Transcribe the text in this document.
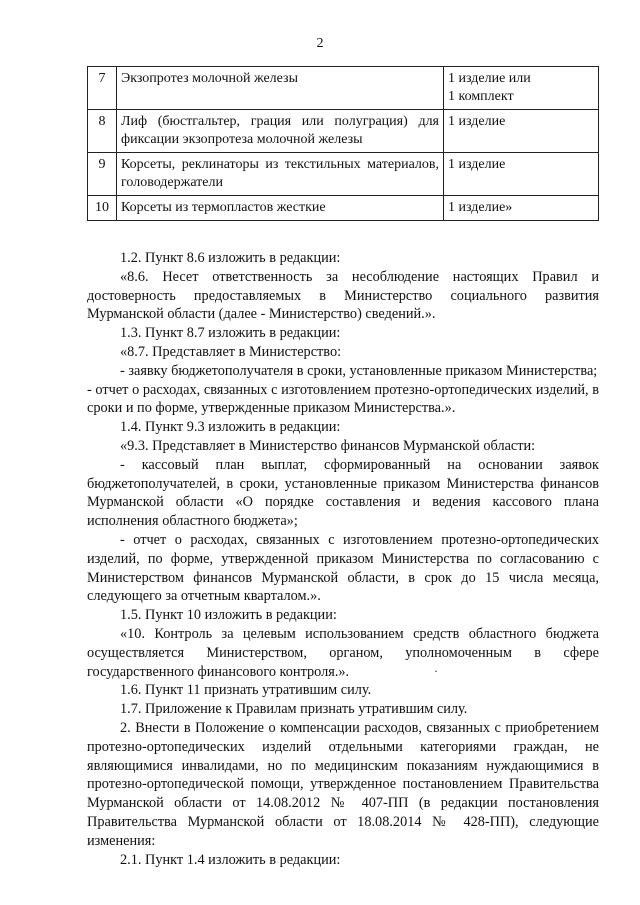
2
7	Экзопротез молочной железы	1 изделие или
1 комплект

8	Лиф (бюстгальтер, грация или полуграция) для фиксации экзопротеза молочной железы	1 изделие

9	Корсеты, реклинаторы из текстильных материалов, головодержатели	1 изделие

10	Корсеты из термопластов жесткие	1 изделие»

1.2. Пункт 8.6 изложить в редакции:

«8.6. Несет ответственность за несоблюдение настоящих Правил и достоверность предоставляемых в Министерство социального развития Мурманской области (далее - Министерство) сведений.».

1.3. Пункт 8.7 изложить в редакции:

«8.7. Представляет в Министерство:

- заявку бюджетополучателя в сроки, установленные приказом Министерства;

- отчет о расходах, связанных с изготовлением протезно-ортопедических изделий, в сроки и по форме, утвержденные приказом Министерства.».

1.4. Пункт 9.3 изложить в редакции:

«9.3. Представляет в Министерство финансов Мурманской области:

- кассовый план выплат, сформированный на основании заявок бюджетополучателей, в сроки, установленные приказом Министерства финансов Мурманской области «О порядке составления и ведения кассового плана исполнения областного бюджета»;

- отчет о расходах, связанных с изготовлением протезно-ортопедических изделий, по форме, утвержденной приказом Министерства по согласованию с Министерством финансов Мурманской области, в срок до 15 числа месяца, следующего за отчетным кварталом.».

1.5. Пункт 10 изложить в редакции:

«10. Контроль за целевым использованием средств областного бюджета осуществляется Министерством, органом, уполномоченным в сфере государственного финансового контроля.».

1.6. Пункт 11 признать утратившим силу.

1.7. Приложение к Правилам признать утратившим силу.

2. Внести в Положение о компенсации расходов, связанных с приобретением протезно-ортопедических изделий отдельными категориями граждан, не являющимися инвалидами, но по медицинским показаниям нуждающимися в протезно-ортопедической помощи, утвержденное постановлением Правительства Мурманской области от 14.08.2012 № 407-ПП (в редакции постановления Правительства Мурманской области от 18.08.2014 № 428-ПП), следующие изменения:

2.1. Пункт 1.4 изложить в редакции:

·
